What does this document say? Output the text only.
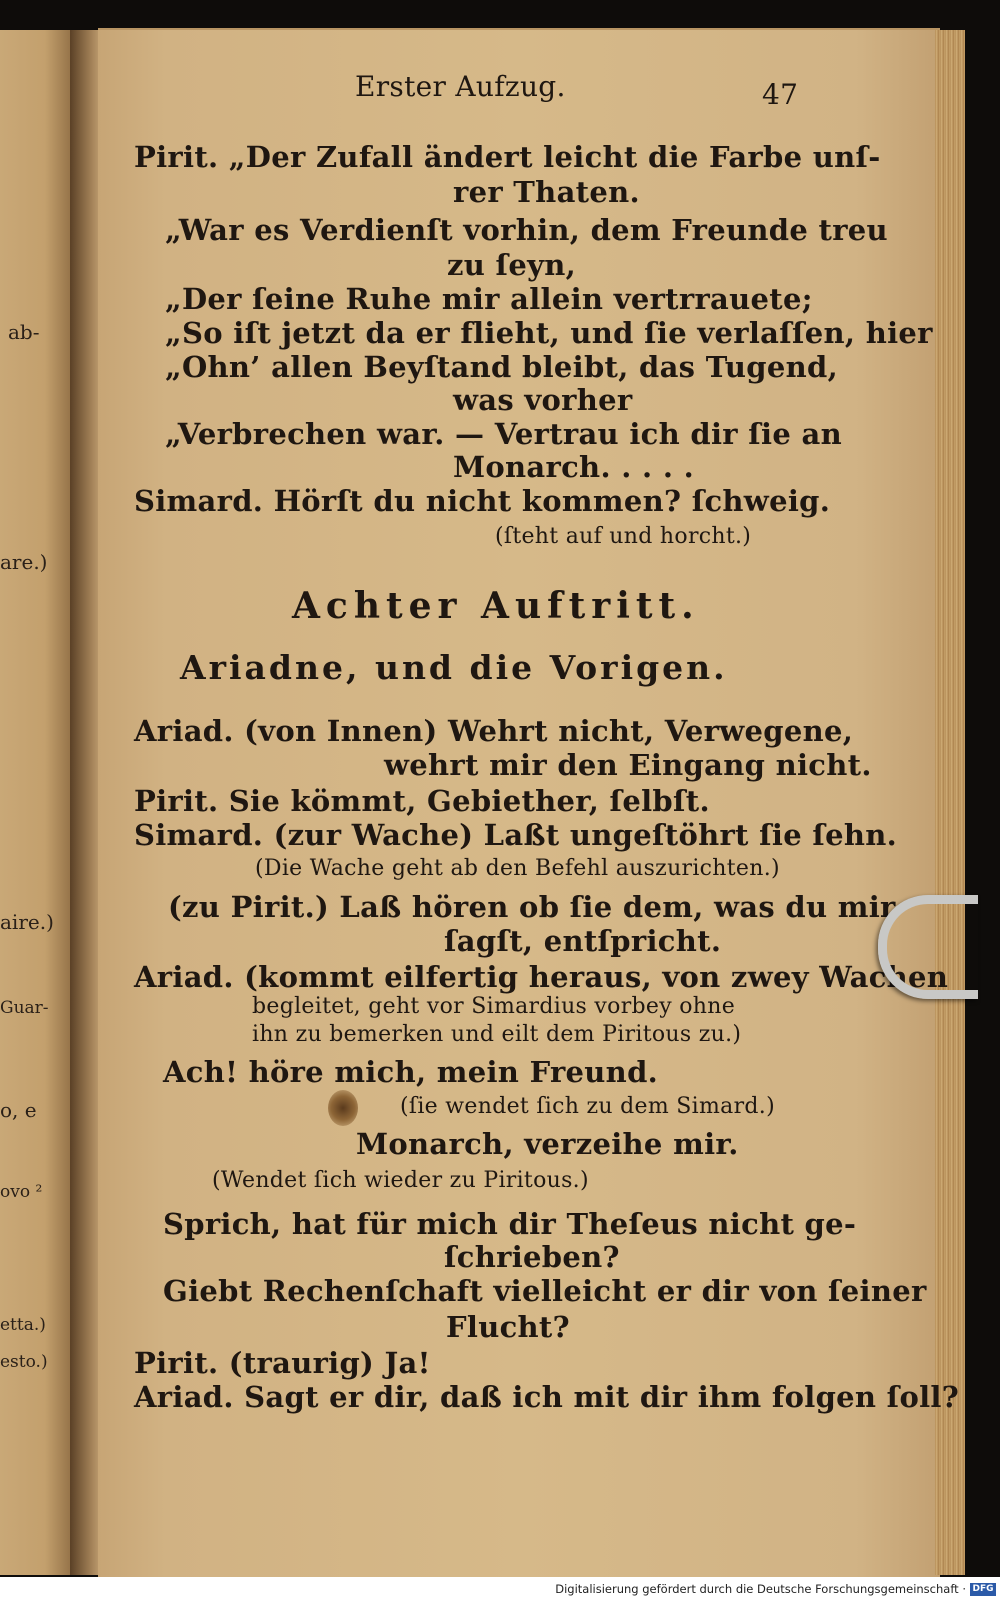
ab-
are.)
aire.)
Guar-
o, e
ovo ²
etta.)
esto.)
Erster Aufzug.	47
Pirit. „Der Zufall ändert leicht die Farbe unſ-
rer Thaten.
„War es Verdienſt vorhin, dem Freunde treu
zu ſeyn,
„Der ſeine Ruhe mir allein vertrrauete;
„So iſt jetzt da er flieht, und ſie verlaſſen, hier
„Ohn’ allen Beyſtand bleibt, das Tugend,
was vorher
„Verbrechen war. — Vertrau ich dir ſie an
Monarch. . . . .
Simard. Hörſt du nicht kommen? ſchweig.
(ſteht auf und horcht.)
Achter Auftritt.
Ariadne, und die Vorigen.
Ariad. (von Innen) Wehrt nicht, Verwegene,
wehrt mir den Eingang nicht.
Pirit. Sie kömmt, Gebiether, ſelbſt.
Simard. (zur Wache) Laßt ungeſtöhrt ſie ſehn.
(Die Wache geht ab den Befehl auszurichten.)
(zu Pirit.) Laß hören ob ſie dem, was du mir
ſagſt, entſpricht.
Ariad. (kommt eilfertig heraus, von zwey Wachen
begleitet, geht vor Simardius vorbey ohne
ihn zu bemerken und eilt dem Piritous zu.)
Ach! höre mich, mein Freund.
(ſie wendet ſich zu dem Simard.)
Monarch, verzeihe mir.
(Wendet ſich wieder zu Piritous.)
Sprich, hat für mich dir Theſeus nicht ge-
ſchrieben?
Giebt Rechenſchaft vielleicht er dir von ſeiner
Flucht?
Pirit. (traurig) Ja!
Ariad. Sagt er dir, daß ich mit dir ihm folgen ſoll?
Digitalisierung gefördert durch die Deutsche Forschungsgemeinschaft · DFG
